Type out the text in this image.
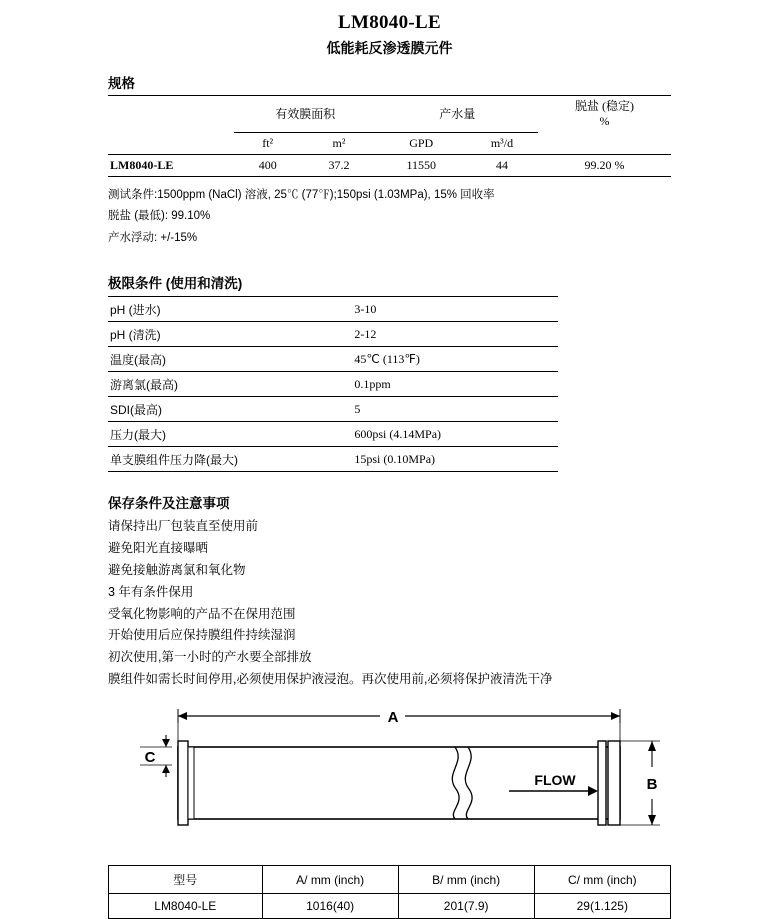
LM8040-LE
低能耗反渗透膜元件
规格
	有效膜面积		产水量		脱盐 (稳定)
%
	ft²	m²	GPD	m³/d	
LM8040-LE	400	37.2	11550	44	99.20 %
测试条件:1500ppm (NaCl) 溶液, 25℃ (77℉);150psi (1.03MPa), 15% 回收率
脱盐 (最低): 99.10%
产水浮动: +/-15%
极限条件 (使用和清洗)
pH (进水)	3-10
pH (清洗)	2-12
温度(最高)	45℃ (113℉)
游离氯(最高)	0.1ppm
SDI(最高)	5
压力(最大)	600psi (4.14MPa)
单支膜组件压力降(最大)	15psi (0.10MPa)
保存条件及注意事项
请保持出厂包装直至使用前
避免阳光直接曝晒
避免接触游离氯和氧化物
3 年有条件保用
受氧化物影响的产品不在保用范围
开始使用后应保持膜组件持续湿润
初次使用,第一小时的产水要全部排放
膜组件如需长时间停用,必须使用保护液浸泡。再次使用前,必须将保护液清洗干净
A
FLOW
C
B
型号	A/ mm (inch)	B/ mm (inch)	C/ mm (inch)
LM8040-LE	1016(40)	201(7.9)	29(1.125)
